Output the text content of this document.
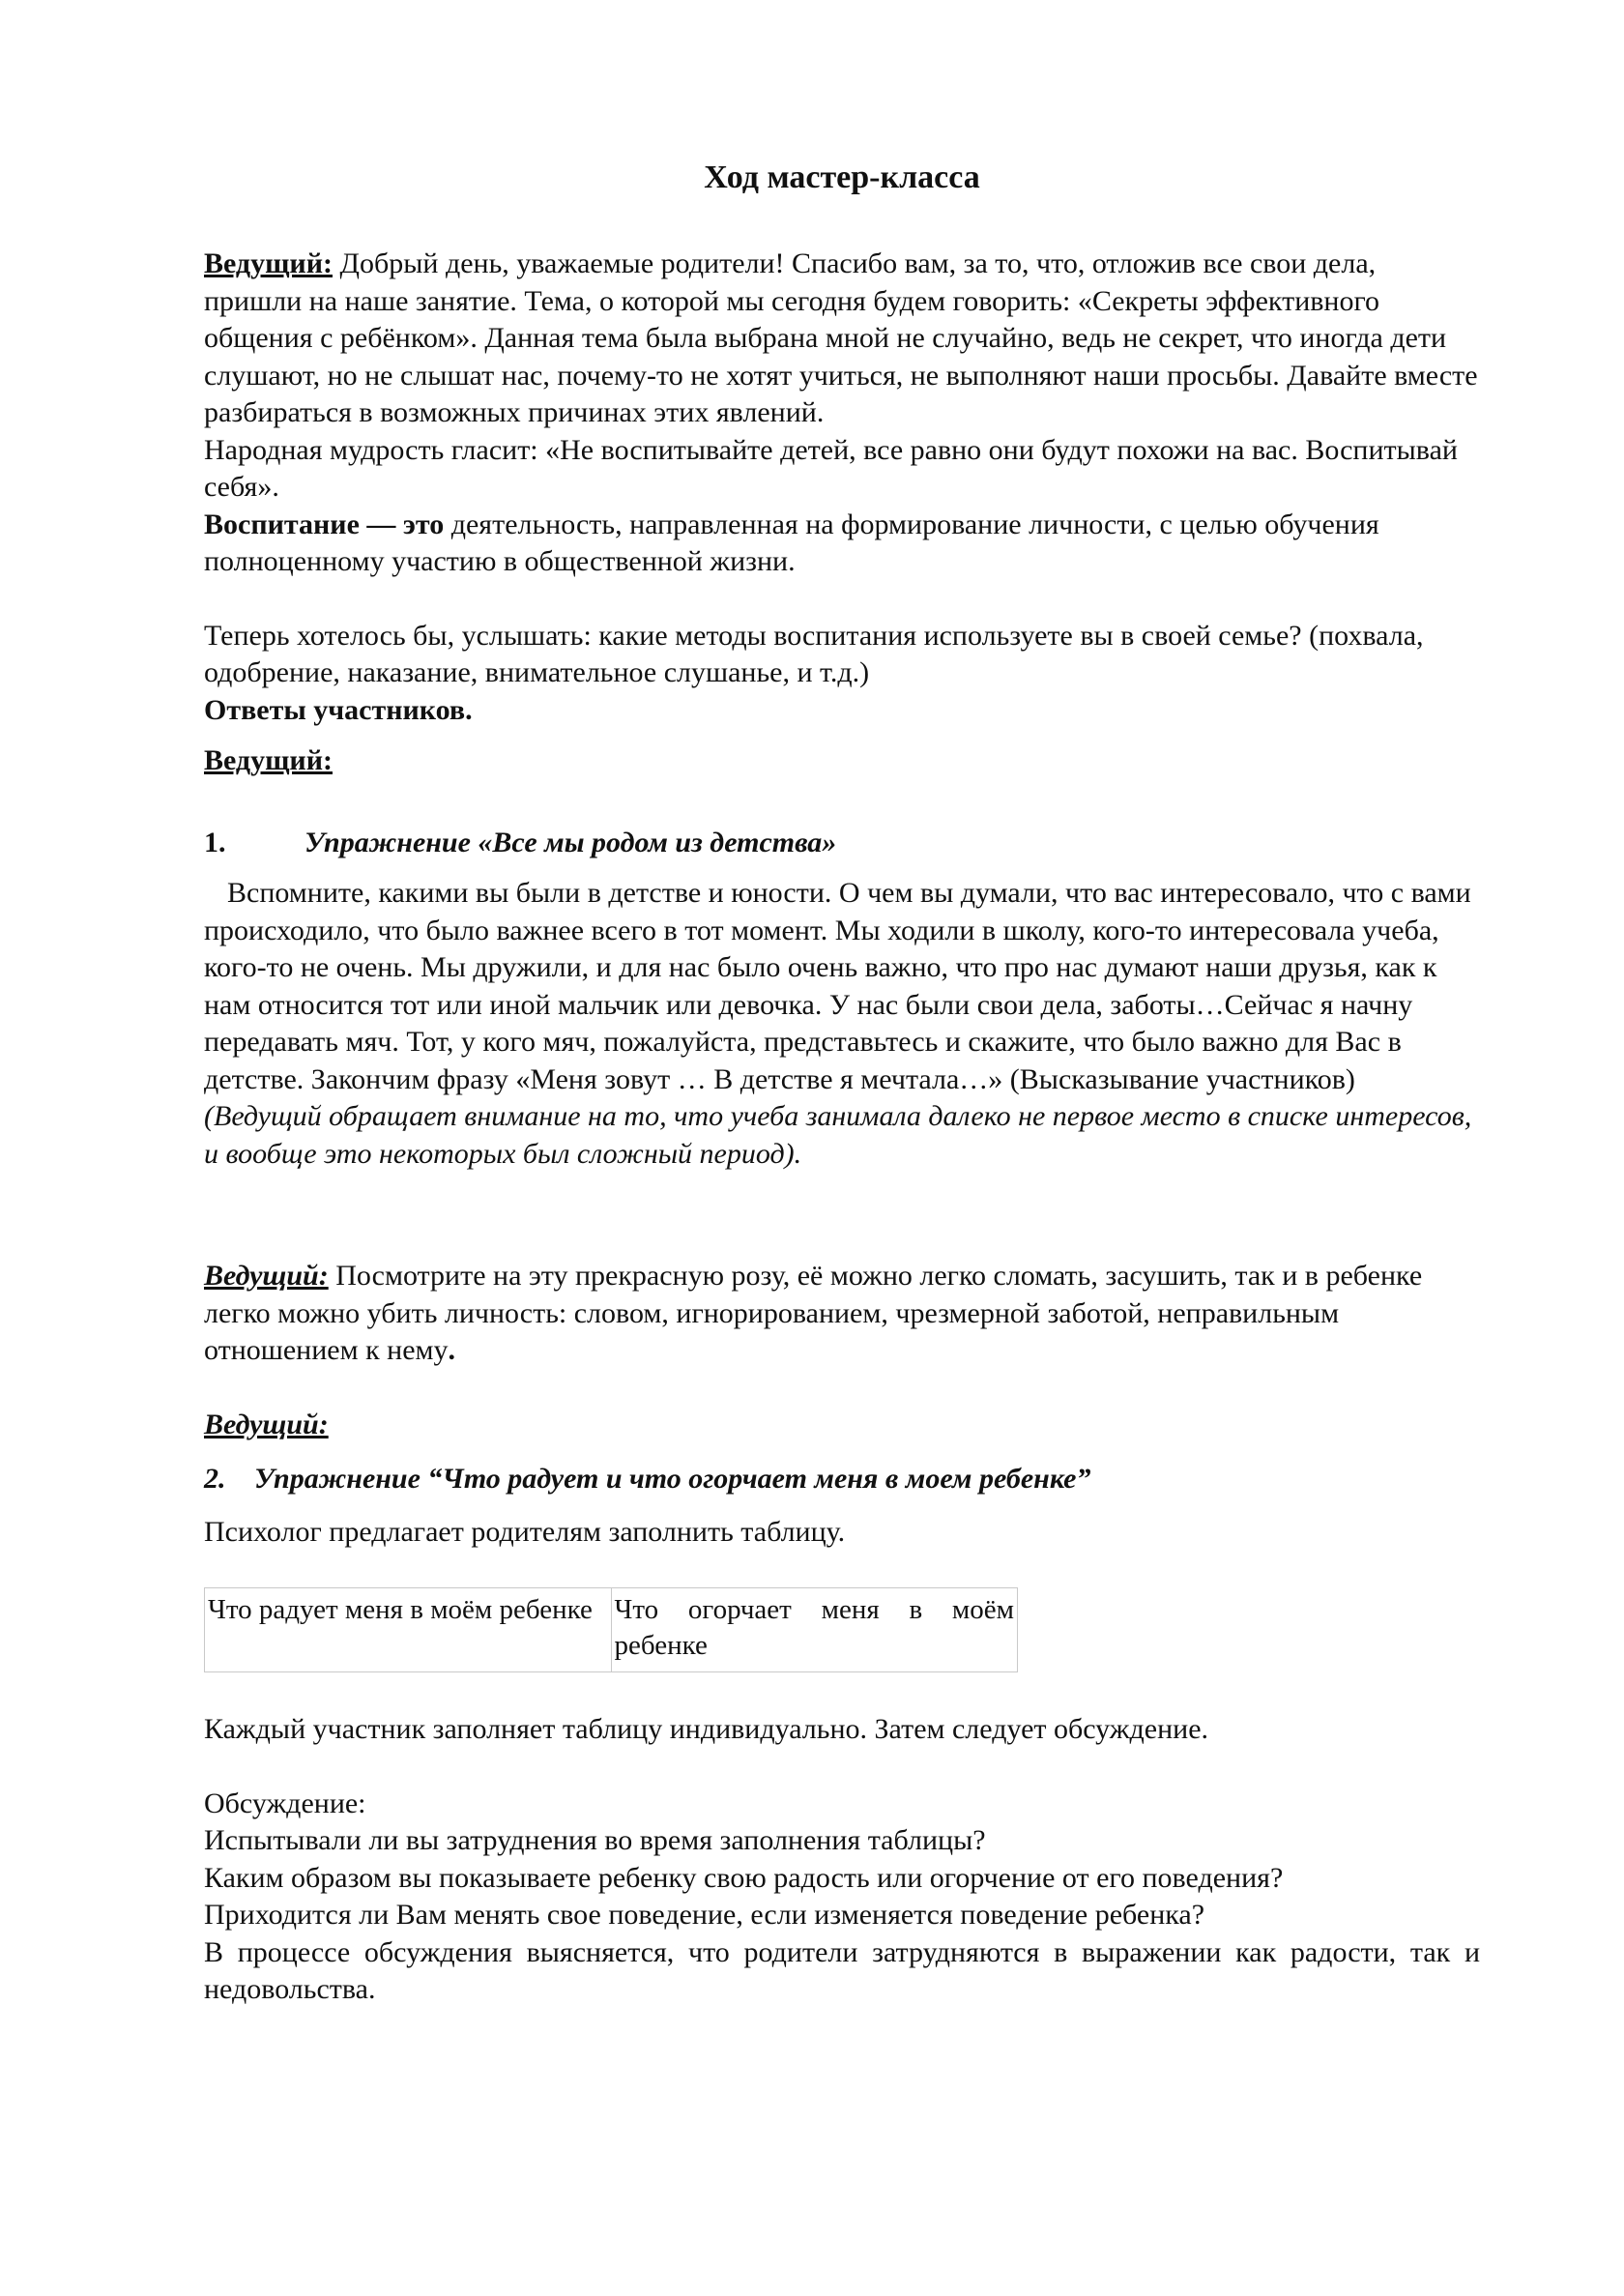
Ход мастер-класса

Ведущий: Добрый день, уважаемые родители! Спасибо вам, за то, что, отложив все свои дела, пришли на наше занятие. Тема, о которой мы сегодня будем говорить: «Секреты эффективного общения с ребёнком». Данная тема была выбрана мной не случайно, ведь не секрет, что иногда дети слушают, но не слышат нас, почему-то не хотят учиться, не выполняют наши просьбы. Давайте вместе разбираться в возможных причинах этих явлений.

Народная мудрость гласит: «Не воспитывайте детей, все равно они будут похожи на вас. Воспитывай себя».

Воспитание — это деятельность, направленная на формирование личности, с целью обучения полноценному участию в общественной жизни.

Теперь хотелось бы, услышать: какие методы воспитания используете вы в своей семье? (похвала, одобрение, наказание, внимательное слушанье, и т.д.)

Ответы участников.

Ведущий:

1.	Упражнение «Все мы родом из детства»

Вспомните, какими вы были в детстве и юности. О чем вы думали, что вас интересовало, что с вами происходило, что было важнее всего в тот момент. Мы ходили в школу, кого-то интересовала учеба, кого-то не очень. Мы дружили, и для нас было очень важно, что про нас думают наши друзья, как к нам относится тот или иной мальчик или девочка. У нас были свои дела, заботы…Сейчас я начну передавать мяч. Тот, у кого мяч, пожалуйста, представьтесь и скажите, что было важно для Вас в детстве. Закончим фразу «Меня зовут … В детстве я мечтала…» (Высказывание участников)

(Ведущий обращает внимание на то, что учеба занимала далеко не первое место в списке интересов, и вообще это некоторых был сложный период).

Ведущий: Посмотрите на эту прекрасную розу, её можно легко сломать, засушить, так и в ребенке легко можно убить личность: словом, игнорированием, чрезмерной заботой, неправильным отношением к нему.

Ведущий:

2. Упражнение “Что радует и что огорчает меня в моем ребенке”

Психолог предлагает родителям заполнить таблицу.

Что радует меня в моём ребенке	Что огорчает меня в моём ребенке

Каждый участник заполняет таблицу индивидуально. Затем следует обсуждение.

Обсуждение:

Испытывали ли вы затруднения во время заполнения таблицы?

Каким образом вы показываете ребенку свою радость или огорчение от его поведения?

Приходится ли Вам менять свое поведение, если изменяется поведение ребенка?

В процессе обсуждения выясняется, что родители затрудняются в выражении как радости, так и недовольства.
